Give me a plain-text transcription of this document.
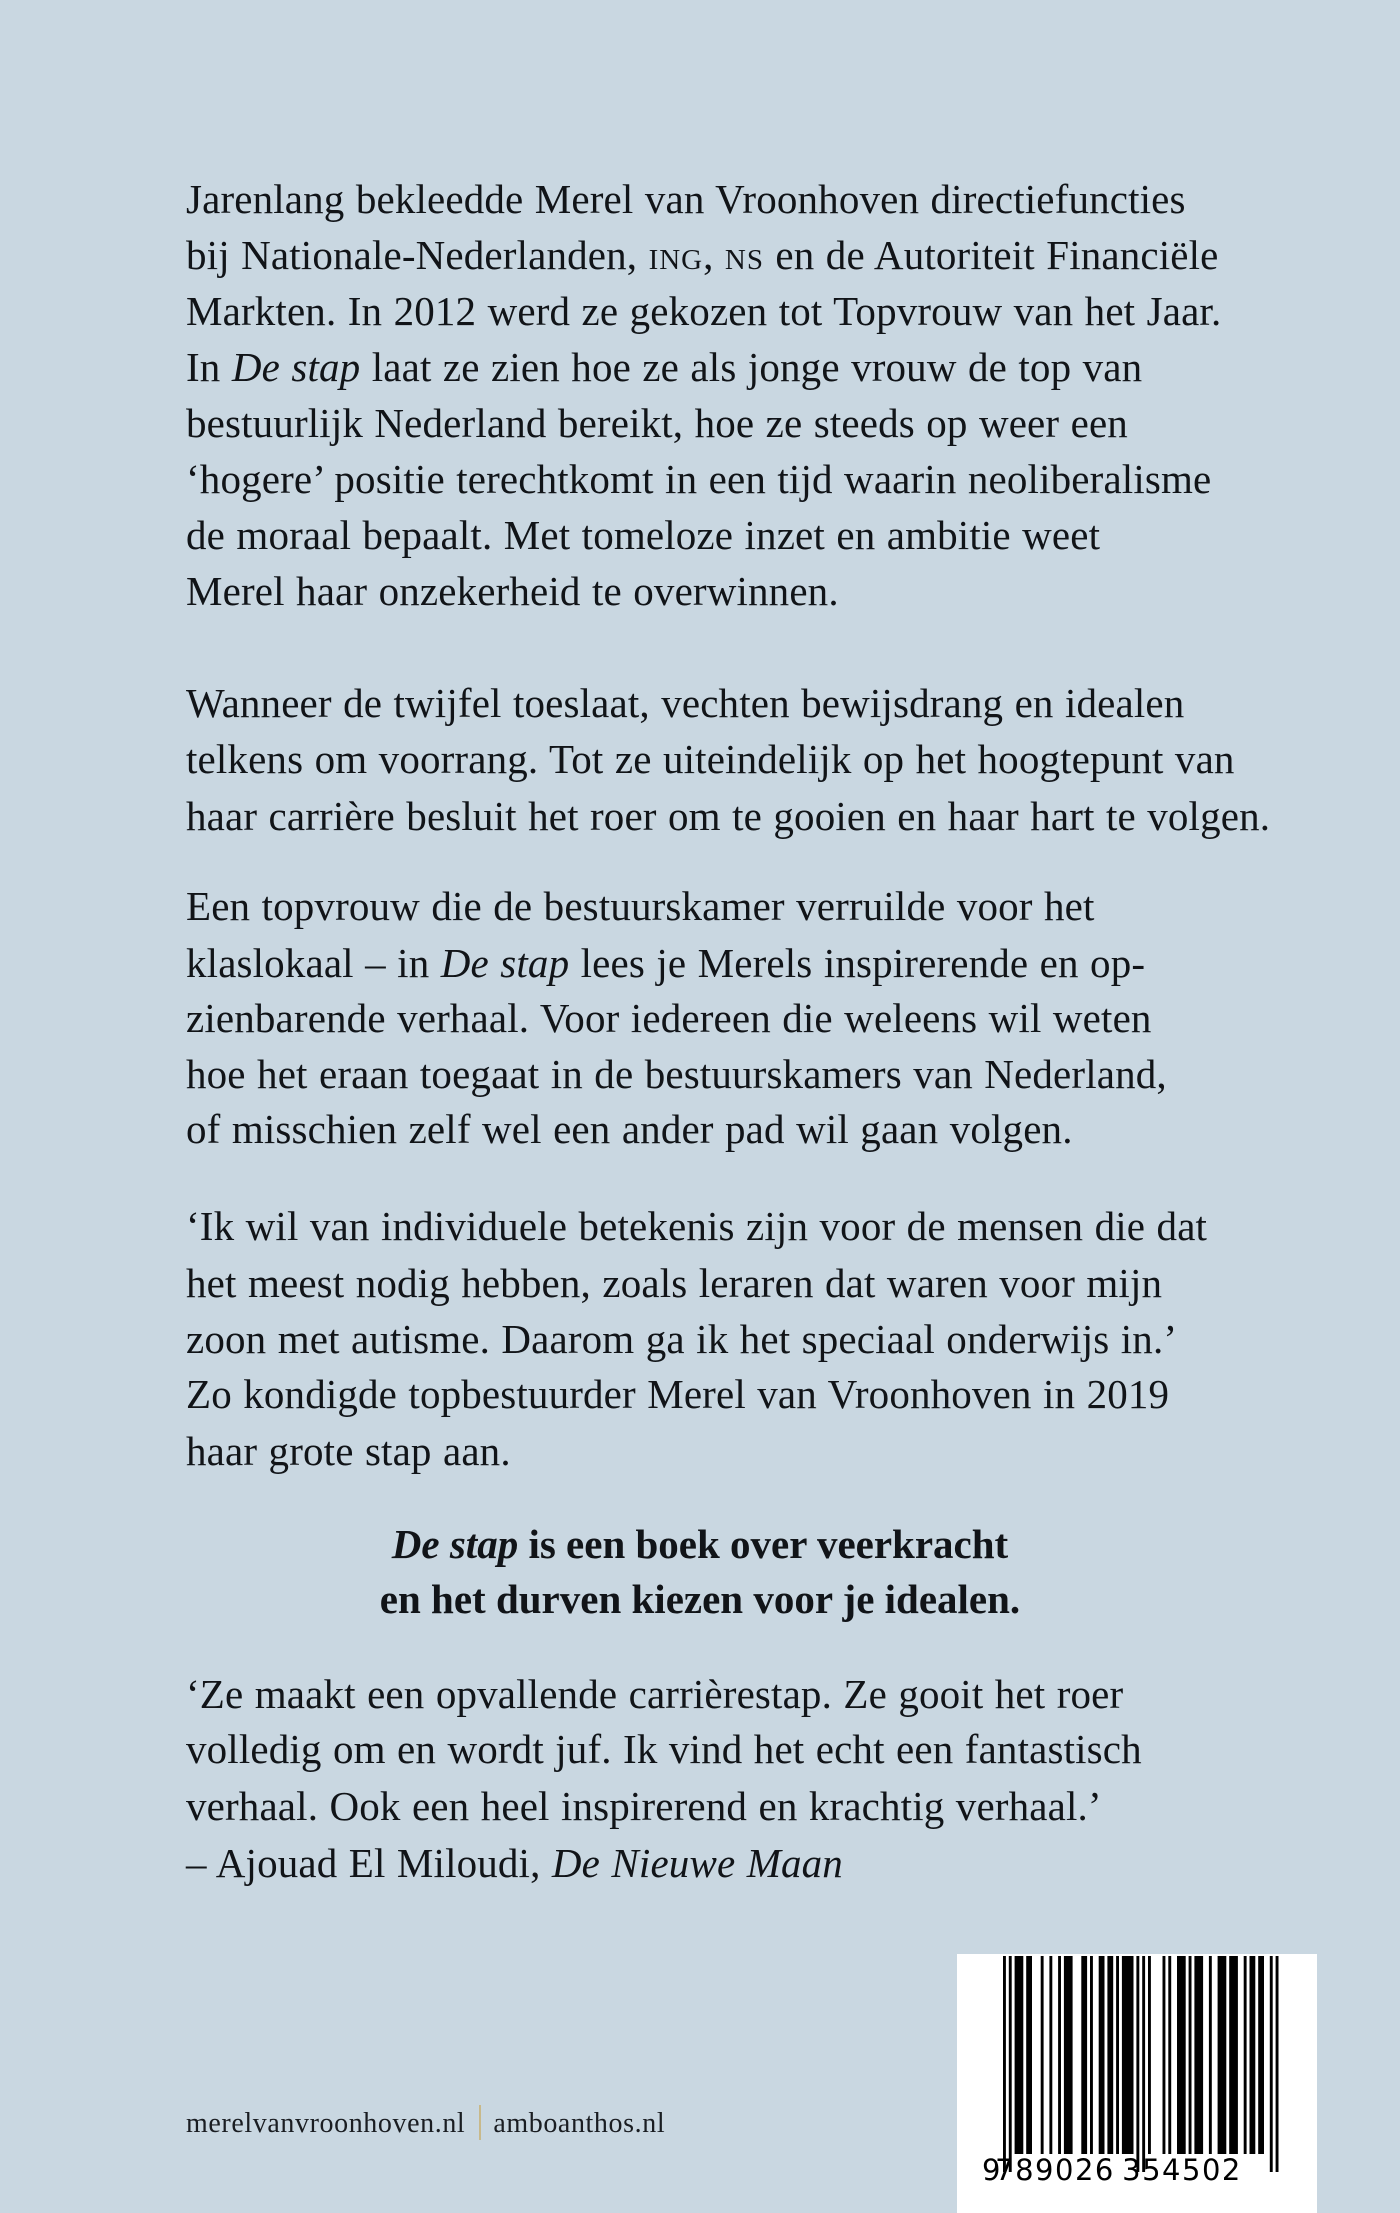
Jarenlang bekleedde Merel van Vroonhoven directiefuncties
bij Nationale-Nederlanden, ing, ns en de Autoriteit Financiële
Markten. In 2012 werd ze gekozen tot Topvrouw van het Jaar.
In De stap laat ze zien hoe ze als jonge vrouw de top van
bestuurlijk Nederland bereikt, hoe ze steeds op weer een
‘hogere’ positie terechtkomt in een tijd waarin neoliberalisme
de moraal bepaalt. Met tomeloze inzet en ambitie weet
Merel haar onzekerheid te overwinnen.
Wanneer de twijfel toeslaat, vechten bewijsdrang en idealen
telkens om voorrang. Tot ze uiteindelijk op het hoogtepunt van
haar carrière besluit het roer om te gooien en haar hart te volgen.
Een topvrouw die de bestuurskamer verruilde voor het
klaslokaal – in De stap lees je Merels inspirerende en op-
zienbarende verhaal. Voor iedereen die weleens wil weten
hoe het eraan toegaat in de bestuurskamers van Nederland,
of misschien zelf wel een ander pad wil gaan volgen.
‘Ik wil van individuele betekenis zijn voor de mensen die dat
het meest nodig hebben, zoals leraren dat waren voor mijn
zoon met autisme. Daarom ga ik het speciaal onderwijs in.’
Zo kondigde topbestuurder Merel van Vroonhoven in 2019
haar grote stap aan.
De stap is een boek over veerkracht
en het durven kiezen voor je idealen.
‘Ze maakt een opvallende carrièrestap. Ze gooit het roer
volledig om en wordt juf. Ik vind het echt een fantastisch
verhaal. Ook een heel inspirerend en krachtig verhaal.’
– Ajouad El Miloudi, De Nieuwe Maan
merelvanvroonhoven.nl amboanthos.nl
9
789026 354502
